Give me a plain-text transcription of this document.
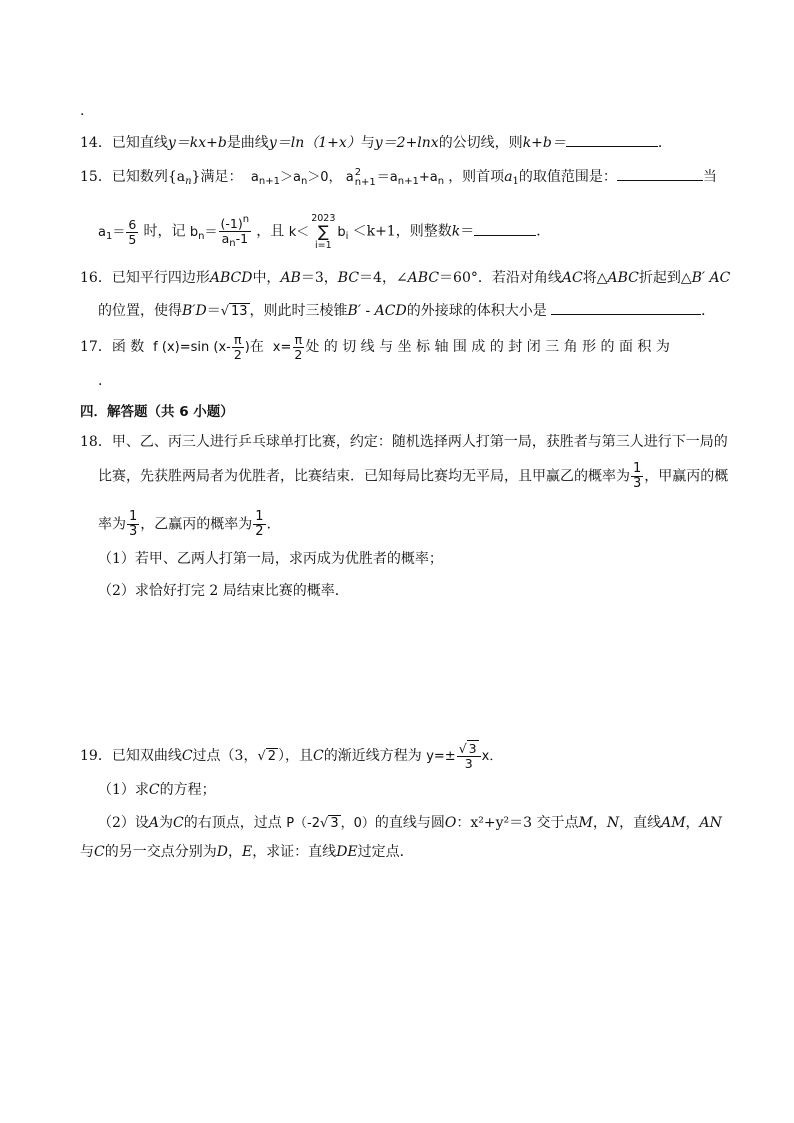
.
14．已知直线y＝kx+b是曲线y＝ln（1+x）与y＝2+lnx的公切线，则k+b＝	．
15．已知数列$\{a_n\}$满足： $a_{n+1}>a_n>0$， a 2
$n+1 =a_{n+1}+a_n$ ，则首项$a_1$的取值范围是：	当
$a_1= \frac{6}{5}$ 时，记 $b_n= \frac{(-1)^n}{a_n-1}$ ，且 k＜
2023
∑
i=1
$b_i <k+1$，则整数k＝	．
16．已知平行四边形ABCD中，AB＝3，BC＝4，∠ABC＝60°．若沿对角线AC将△ABC折起到△B′ AC
的位置，使得B′D＝√ 13 ，则此时三棱锥B′ - ACD的外接球的体积大小是	．
17．函 数 f (x)=sin ($x- \frac{\pi}{2}$ )在 $x= \frac{\pi}{2}$ 处 的 切 线 与 坐 标 轴 围 成 的 封 闭 三 角 形 的 面 积 为
.
四．解答题（共 6 小题）
18．甲、乙、丙三人进行乒乓球单打比赛，约定：随机选择两人打第一局，获胜者与第三人进行下一局的
比赛，先获胜两局者为优胜者，比赛结束．已知每局比赛均无平局，且甲赢乙的概率为 $\frac{1}{3}$ ，甲赢丙的概
率为 $\frac{1}{3}$ ，乙赢丙的概率为 $\frac{1}{2}$ ．
（1）若甲、乙两人打第一局，求丙成为优胜者的概率；
（2）求恰好打完 2 局结束比赛的概率．
19．已知双曲线C过点（3，√ 2 ），且C的渐近线方程为 $y=\pm \frac{√ 3}{3}$ x．
（1）求C的方程；
（2）设A为C的右顶点，过点 P（-2√ 3 ，0）的直线与圆O：x²+y²＝3 交于点M，N，直线AM，AN
与C的另一交点分别为D，E，求证：直线DE过定点．
